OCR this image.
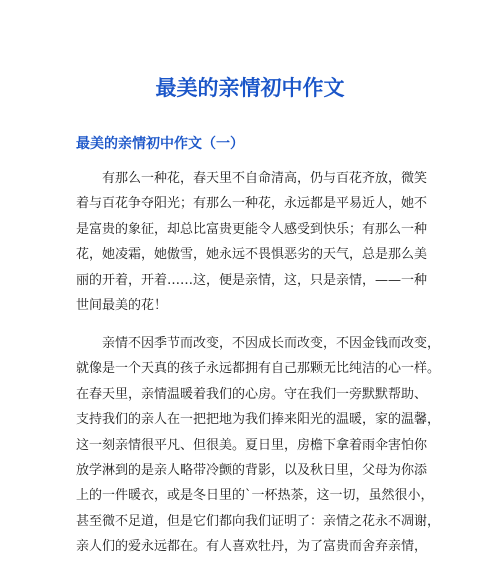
最美的亲情初中作文
最美的亲情初中作文（一）
有那么一种花，春天里不自命清高，仍与百花齐放，微笑
着与百花争夺阳光；有那么一种花，永远都是平易近人，她不
是富贵的象征，却总比富贵更能令人感受到快乐；有那么一种
花，她凌霜，她傲雪，她永远不畏惧恶劣的天气，总是那么美
丽的开着，开着……这，便是亲情，这，只是亲情，——一种
世间最美的花！
亲情不因季节而改变，不因成长而改变，不因金钱而改变，
就像是一个天真的孩子永远都拥有自己那颗无比纯洁的心一样。
在春天里，亲情温暖着我们的心房。守在我们一旁默默帮助、
支持我们的亲人在一把把地为我们捧来阳光的温暖，家的温馨，
这一刻亲情很平凡、但很美。夏日里，房檐下拿着雨伞害怕你
放学淋到的是亲人略带冷颤的背影，以及秋日里，父母为你添
上的一件暖衣，或是冬日里的`一杯热茶，这一切，虽然很小，
甚至微不足道，但是它们都向我们证明了：亲情之花永不凋谢，
亲人们的爱永远都在。有人喜欢牡丹，为了富贵而舍弃亲情，
